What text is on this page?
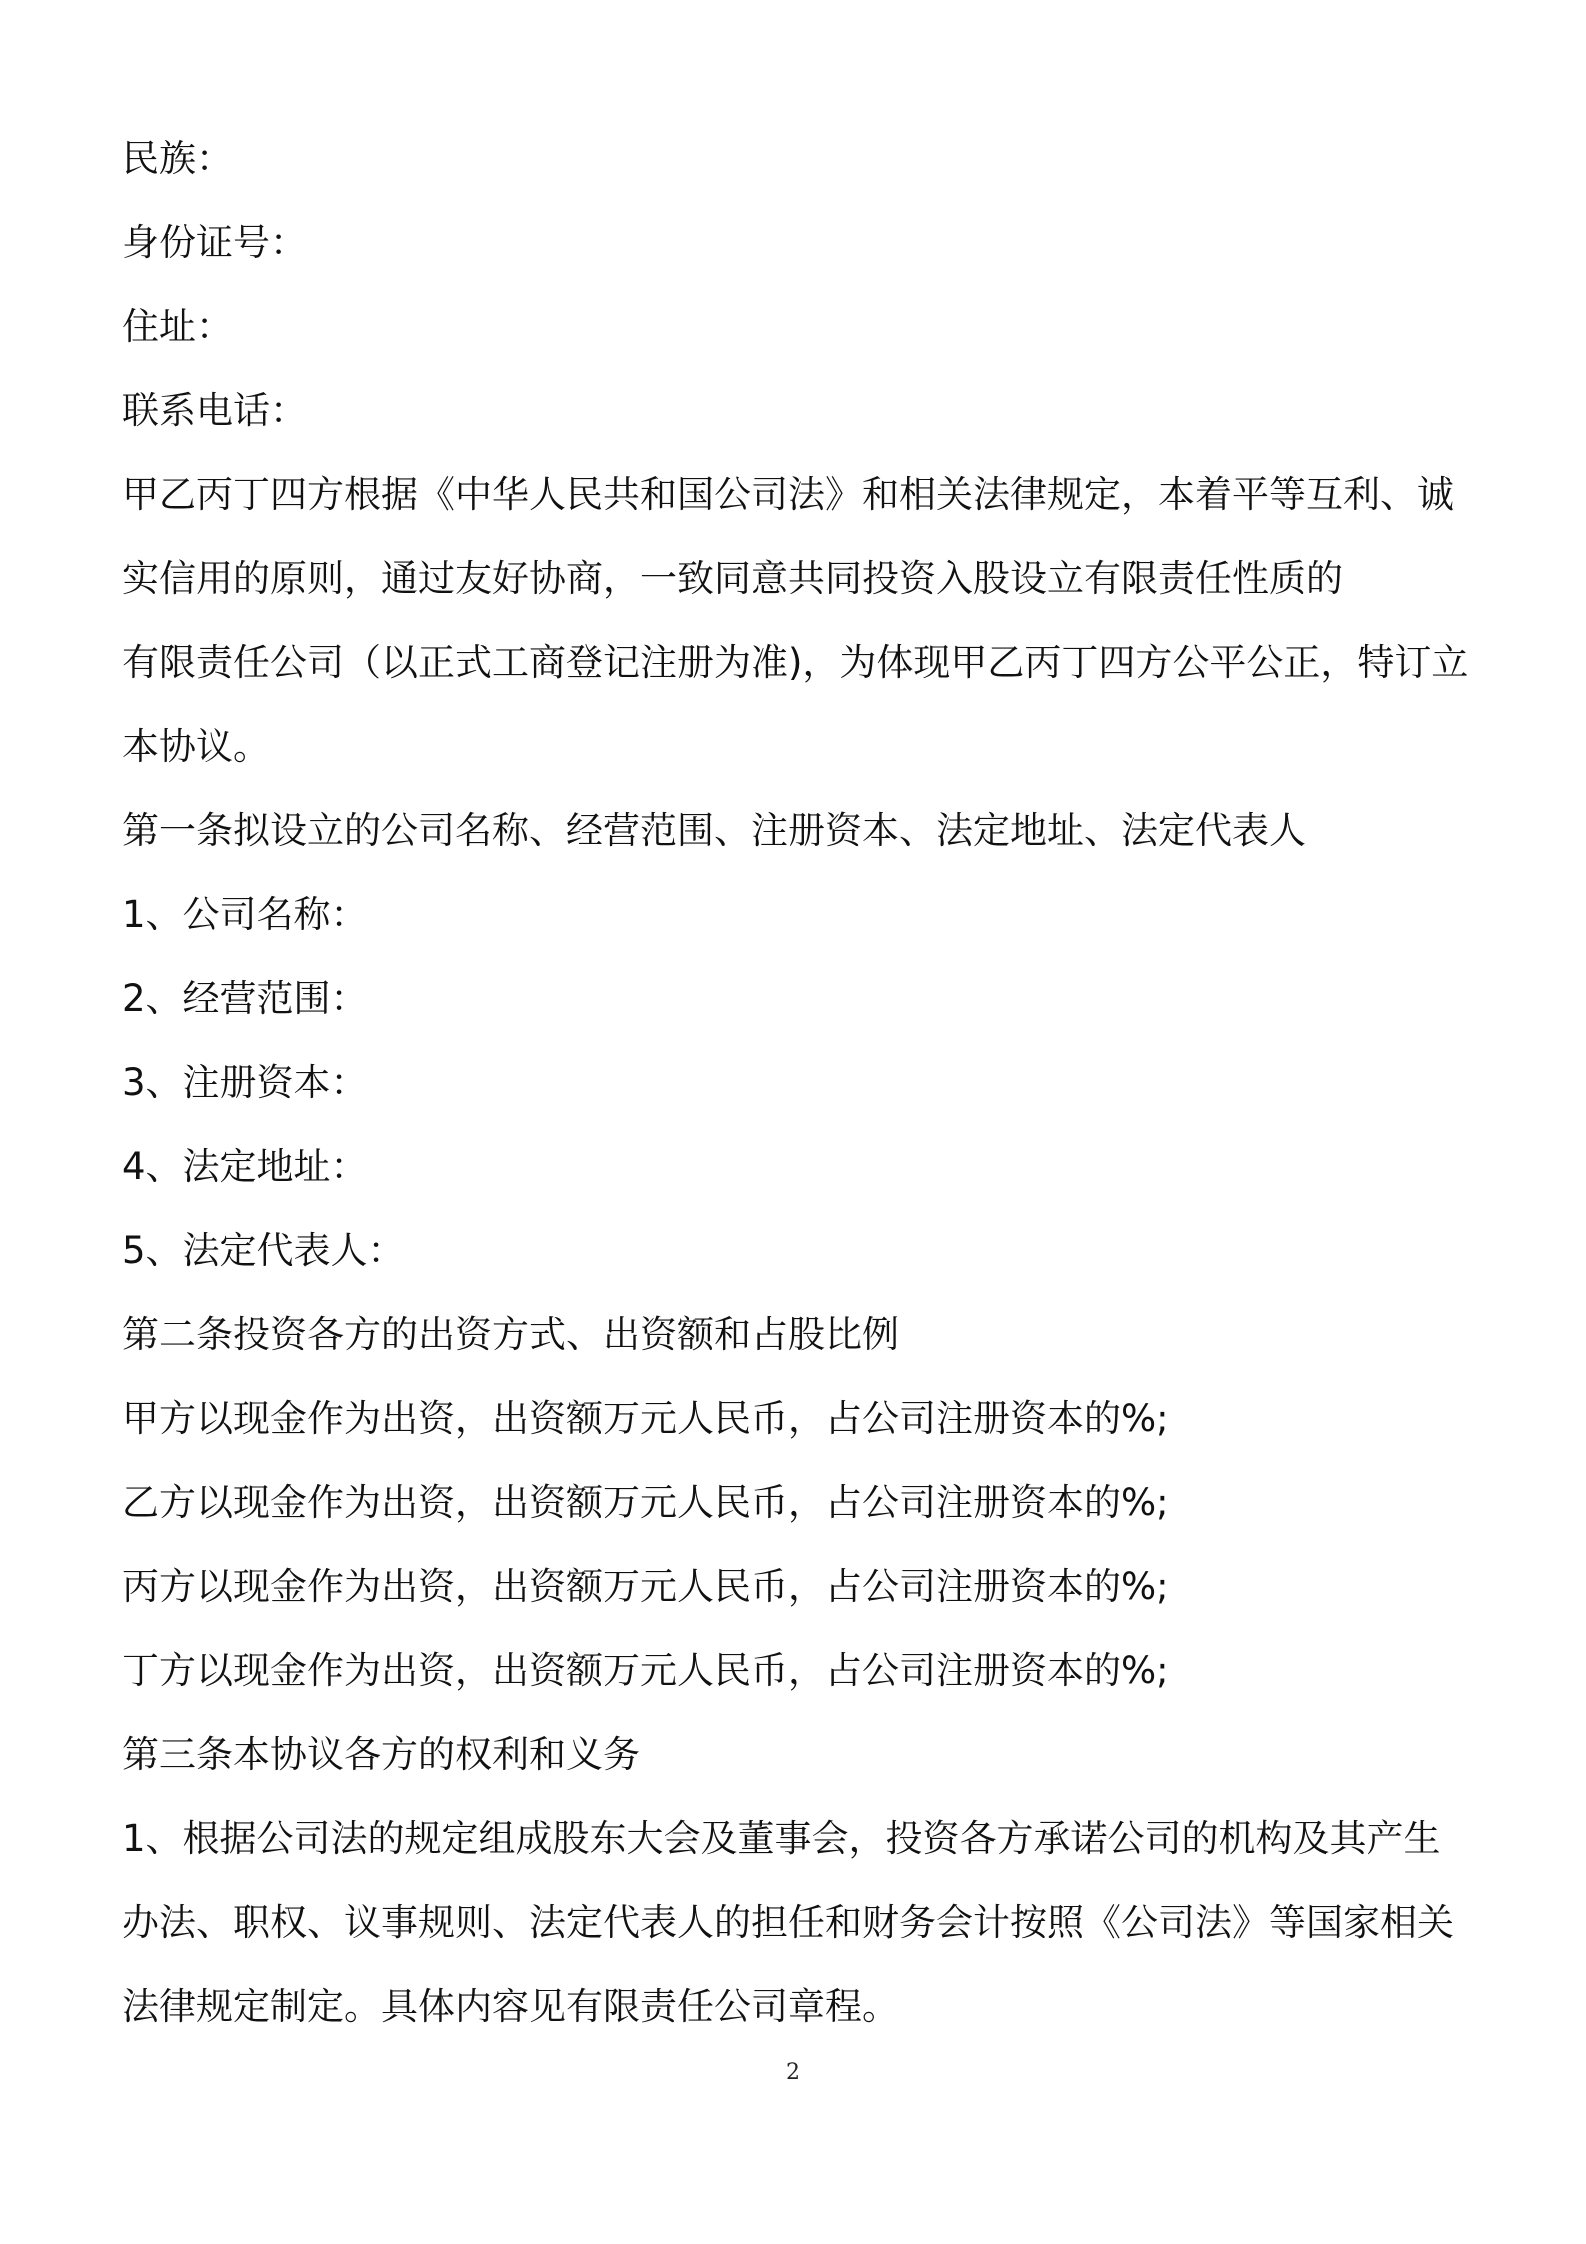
民族：
身份证号：
住址：
联系电话：
甲乙丙丁四方根据《中华人民共和国公司法》和相关法律规定，本着平等互利、诚
实信用的原则，通过友好协商，一致同意共同投资入股设立有限责任性质的
有限责任公司（以正式工商登记注册为准)，为体现甲乙丙丁四方公平公正，特订立
本协议。
第一条拟设立的公司名称、经营范围、注册资本、法定地址、法定代表人
1、公司名称：
2、经营范围：
3、注册资本：
4、法定地址：
5、法定代表人：
第二条投资各方的出资方式、出资额和占股比例
甲方以现金作为出资，出资额万元人民币，占公司注册资本的%;
乙方以现金作为出资，出资额万元人民币，占公司注册资本的%;
丙方以现金作为出资，出资额万元人民币，占公司注册资本的%;
丁方以现金作为出资，出资额万元人民币，占公司注册资本的%;
第三条本协议各方的权利和义务
1、根据公司法的规定组成股东大会及董事会，投资各方承诺公司的机构及其产生
办法、职权、议事规则、法定代表人的担任和财务会计按照《公司法》等国家相关
法律规定制定。具体内容见有限责任公司章程。
2
